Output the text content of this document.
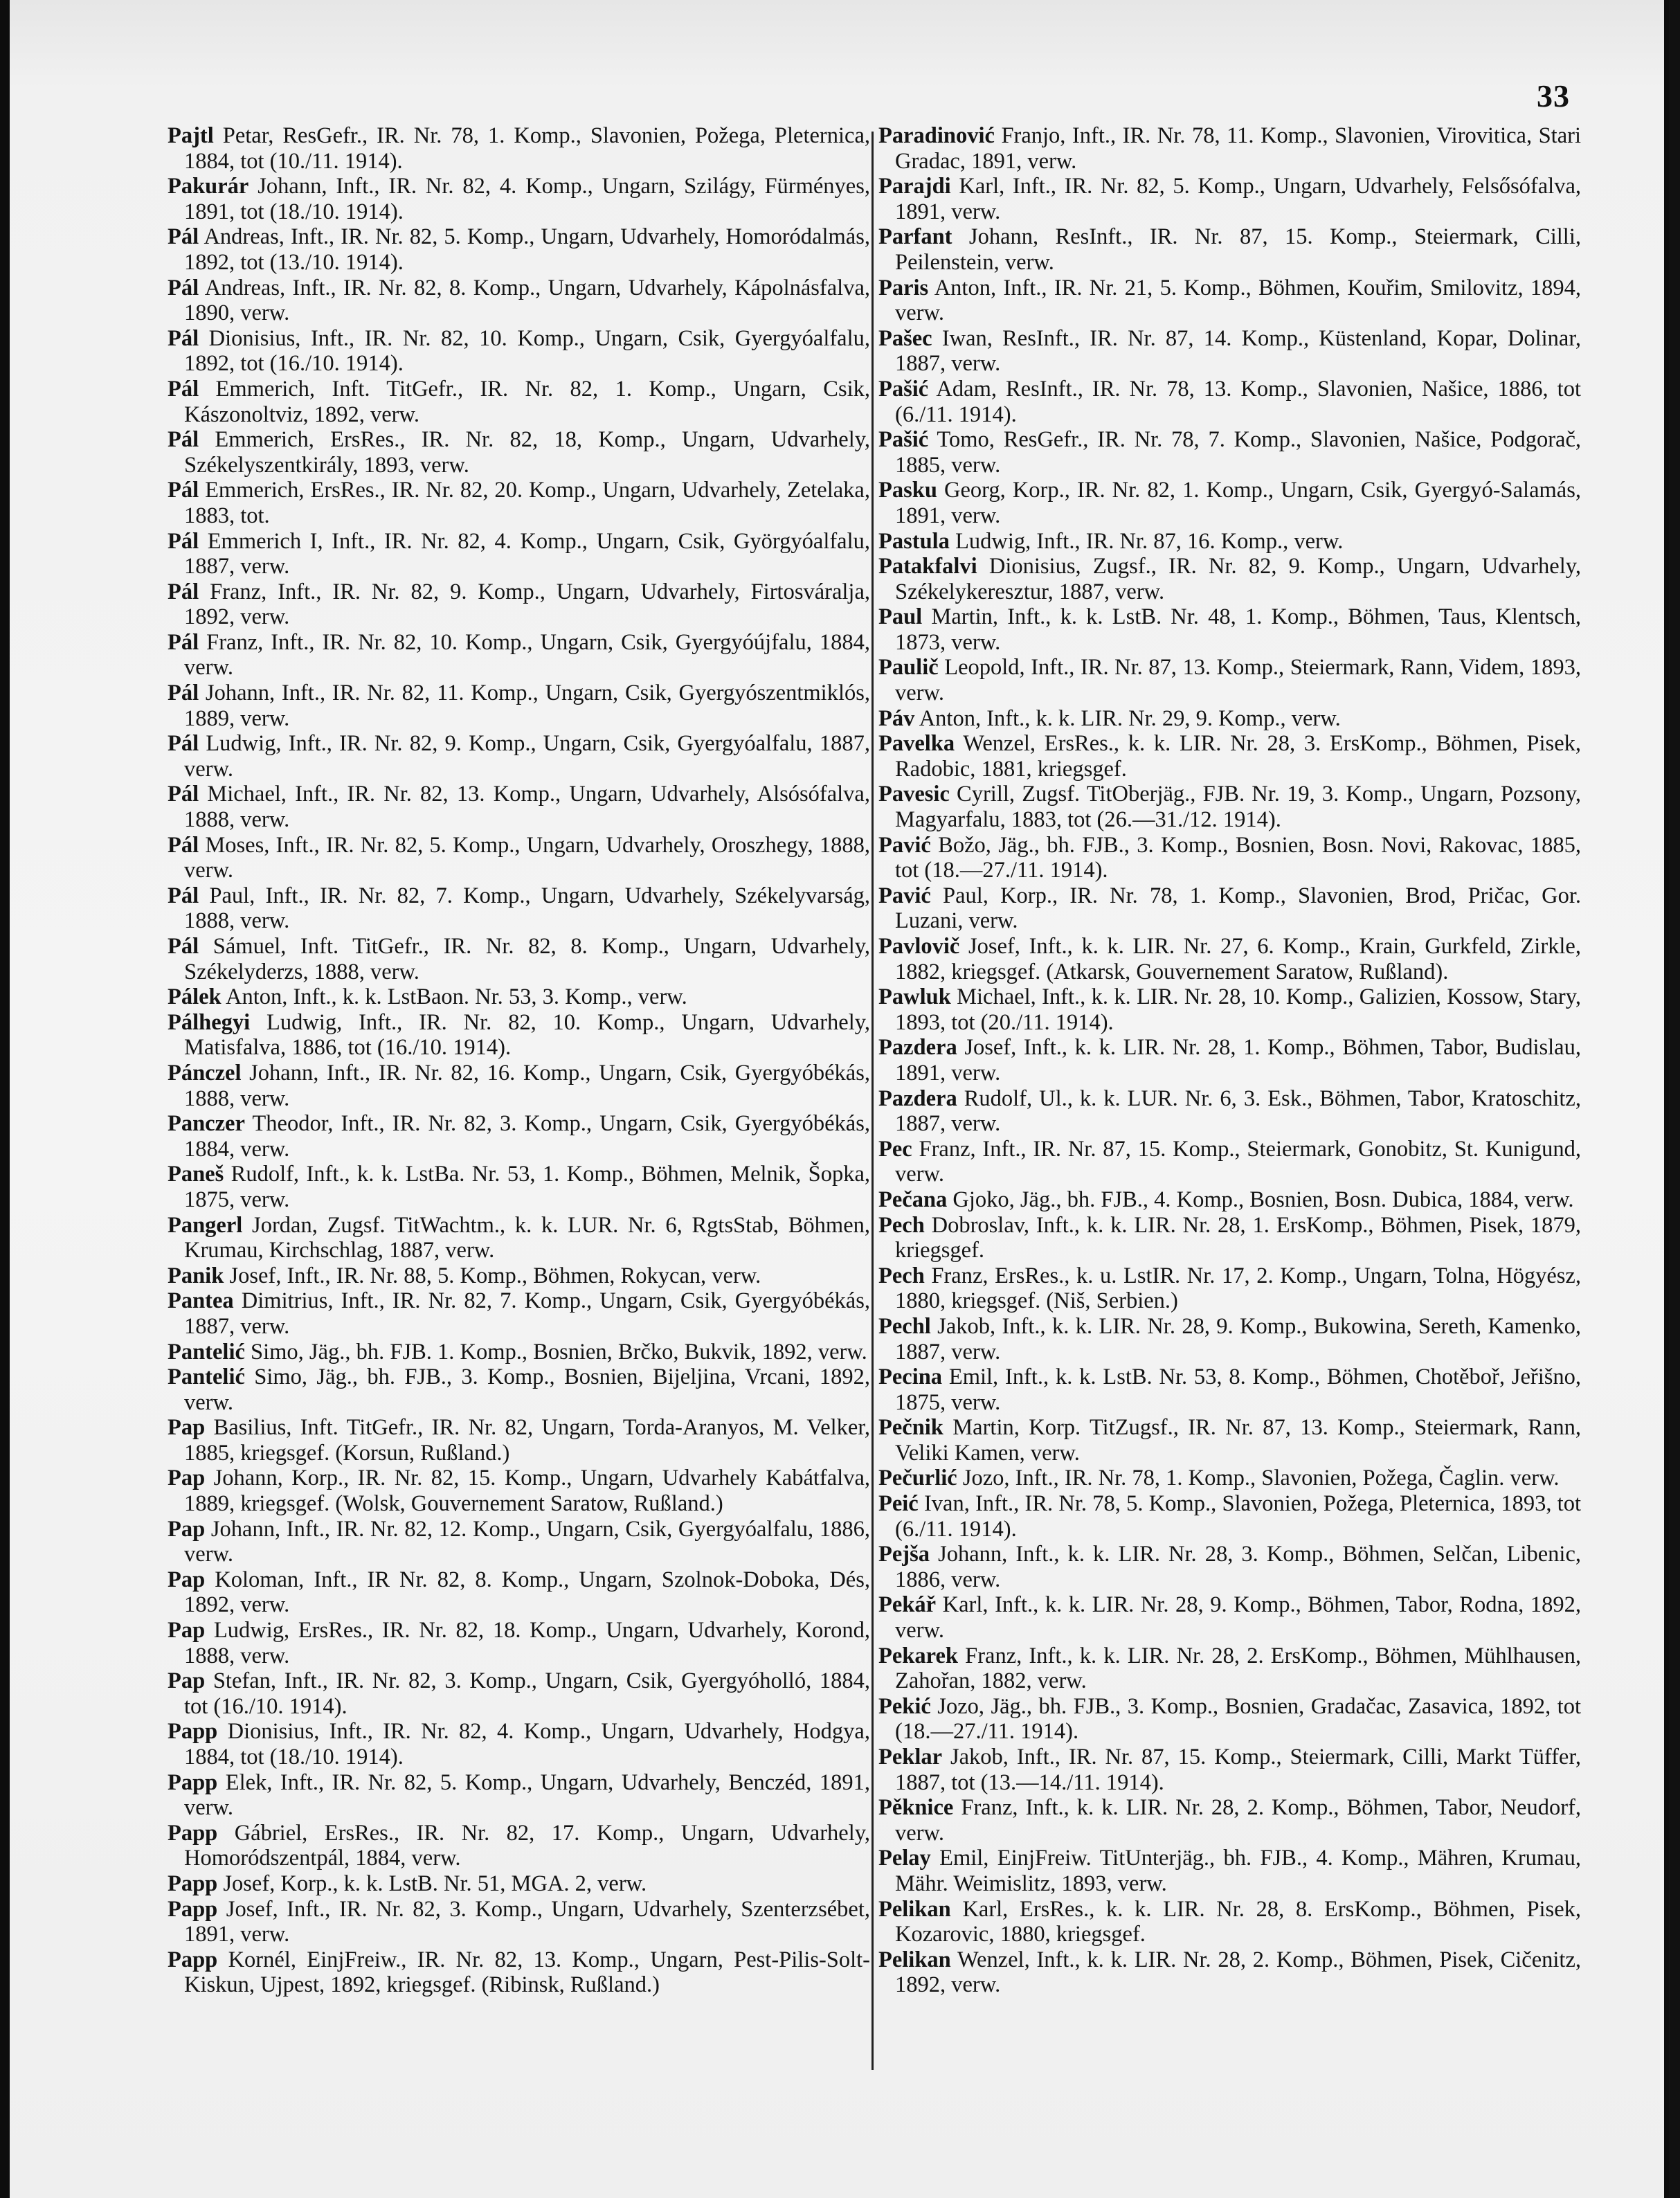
33

Pajtl Petar, ResGefr., IR. Nr. 78, 1. Komp., Slavonien, Požega, Pleternica, 1884, tot (10./11. 1914).

Pakurár Johann, Inft., IR. Nr. 82, 4. Komp., Ungarn, Szilágy, Fürményes, 1891, tot (18./10. 1914).

Pál Andreas, Inft., IR. Nr. 82, 5. Komp., Ungarn, Udvarhely, Homoródalmás, 1892, tot (13./10. 1914).

Pál Andreas, Inft., IR. Nr. 82, 8. Komp., Ungarn, Udvarhely, Kápolnásfalva, 1890, verw.

Pál Dionisius, Inft., IR. Nr. 82, 10. Komp., Ungarn, Csik, Gyergyóalfalu, 1892, tot (16./10. 1914).

Pál Emmerich, Inft. TitGefr., IR. Nr. 82, 1. Komp., Ungarn, Csik, Kászonoltviz, 1892, verw.

Pál Emmerich, ErsRes., IR. Nr. 82, 18, Komp., Ungarn, Udvarhely, Székelyszentkirály, 1893, verw.

Pál Emmerich, ErsRes., IR. Nr. 82, 20. Komp., Ungarn, Udvarhely, Zetelaka, 1883, tot.

Pál Emmerich I, Inft., IR. Nr. 82, 4. Komp., Ungarn, Csik, Györgyóalfalu, 1887, verw.

Pál Franz, Inft., IR. Nr. 82, 9. Komp., Ungarn, Udvarhely, Firtosváralja, 1892, verw.

Pál Franz, Inft., IR. Nr. 82, 10. Komp., Ungarn, Csik, Gyergyóújfalu, 1884, verw.

Pál Johann, Inft., IR. Nr. 82, 11. Komp., Ungarn, Csik, Gyergyószentmiklós, 1889, verw.

Pál Ludwig, Inft., IR. Nr. 82, 9. Komp., Ungarn, Csik, Gyergyóalfalu, 1887, verw.

Pál Michael, Inft., IR. Nr. 82, 13. Komp., Ungarn, Udvarhely, Alsósófalva, 1888, verw.

Pál Moses, Inft., IR. Nr. 82, 5. Komp., Ungarn, Udvarhely, Oroszhegy, 1888, verw.

Pál Paul, Inft., IR. Nr. 82, 7. Komp., Ungarn, Udvarhely, Székelyvarság, 1888, verw.

Pál Sámuel, Inft. TitGefr., IR. Nr. 82, 8. Komp., Ungarn, Udvarhely, Székelyderzs, 1888, verw.

Pálek Anton, Inft., k. k. LstBaon. Nr. 53, 3. Komp., verw.

Pálhegyi Ludwig, Inft., IR. Nr. 82, 10. Komp., Ungarn, Udvarhely, Matisfalva, 1886, tot (16./10. 1914).

Pánczel Johann, Inft., IR. Nr. 82, 16. Komp., Ungarn, Csik, Gyergyóbékás, 1888, verw.

Panczer Theodor, Inft., IR. Nr. 82, 3. Komp., Ungarn, Csik, Gyergyóbékás, 1884, verw.

Paneš Rudolf, Inft., k. k. LstBa. Nr. 53, 1. Komp., Böhmen, Melnik, Šopka, 1875, verw.

Pangerl Jordan, Zugsf. TitWachtm., k. k. LUR. Nr. 6, RgtsStab, Böhmen, Krumau, Kirchschlag, 1887, verw.

Panik Josef, Inft., IR. Nr. 88, 5. Komp., Böhmen, Rokycan, verw.

Pantea Dimitrius, Inft., IR. Nr. 82, 7. Komp., Ungarn, Csik, Gyergyóbékás, 1887, verw.

Pantelić Simo, Jäg., bh. FJB. 1. Komp., Bosnien, Brčko, Bukvik, 1892, verw.

Pantelić Simo, Jäg., bh. FJB., 3. Komp., Bosnien, Bijeljina, Vrcani, 1892, verw.

Pap Basilius, Inft. TitGefr., IR. Nr. 82, Ungarn, Torda-Aranyos, M. Velker, 1885, kriegsgef. (Korsun, Rußland.)

Pap Johann, Korp., IR. Nr. 82, 15. Komp., Ungarn, Udvarhely Kabátfalva, 1889, kriegsgef. (Wolsk, Gouvernement Saratow, Rußland.)

Pap Johann, Inft., IR. Nr. 82, 12. Komp., Ungarn, Csik, Gyergyóalfalu, 1886, verw.

Pap Koloman, Inft., IR Nr. 82, 8. Komp., Ungarn, Szolnok-Doboka, Dés, 1892, verw.

Pap Ludwig, ErsRes., IR. Nr. 82, 18. Komp., Ungarn, Udvarhely, Korond, 1888, verw.

Pap Stefan, Inft., IR. Nr. 82, 3. Komp., Ungarn, Csik, Gyergyóholló, 1884, tot (16./10. 1914).

Papp Dionisius, Inft., IR. Nr. 82, 4. Komp., Ungarn, Udvarhely, Hodgya, 1884, tot (18./10. 1914).

Papp Elek, Inft., IR. Nr. 82, 5. Komp., Ungarn, Udvarhely, Benczéd, 1891, verw.

Papp Gábriel, ErsRes., IR. Nr. 82, 17. Komp., Ungarn, Udvarhely, Homoródszentpál, 1884, verw.

Papp Josef, Korp., k. k. LstB. Nr. 51, MGA. 2, verw.

Papp Josef, Inft., IR. Nr. 82, 3. Komp., Ungarn, Udvarhely, Szenterzsébet, 1891, verw.

Papp Kornél, EinjFreiw., IR. Nr. 82, 13. Komp., Ungarn, Pest-Pilis-Solt-Kiskun, Ujpest, 1892, kriegsgef. (Ribinsk, Rußland.)

Paradinović Franjo, Inft., IR. Nr. 78, 11. Komp., Slavonien, Virovitica, Stari Gradac, 1891, verw.

Parajdi Karl, Inft., IR. Nr. 82, 5. Komp., Ungarn, Udvarhely, Felsősófalva, 1891, verw.

Parfant Johann, ResInft., IR. Nr. 87, 15. Komp., Steiermark, Cilli, Peilenstein, verw.

Paris Anton, Inft., IR. Nr. 21, 5. Komp., Böhmen, Kouřim, Smilovitz, 1894, verw.

Pašec Iwan, ResInft., IR. Nr. 87, 14. Komp., Küstenland, Kopar, Dolinar, 1887, verw.

Pašić Adam, ResInft., IR. Nr. 78, 13. Komp., Slavonien, Našice, 1886, tot (6./11. 1914).

Pašić Tomo, ResGefr., IR. Nr. 78, 7. Komp., Slavonien, Našice, Podgorač, 1885, verw.

Pasku Georg, Korp., IR. Nr. 82, 1. Komp., Ungarn, Csik, Gyergyó-Salamás, 1891, verw.

Pastula Ludwig, Inft., IR. Nr. 87, 16. Komp., verw.

Patakfalvi Dionisius, Zugsf., IR. Nr. 82, 9. Komp., Ungarn, Udvarhely, Székelykeresztur, 1887, verw.

Paul Martin, Inft., k. k. LstB. Nr. 48, 1. Komp., Böhmen, Taus, Klentsch, 1873, verw.

Paulič Leopold, Inft., IR. Nr. 87, 13. Komp., Steiermark, Rann, Videm, 1893, verw.

Páv Anton, Inft., k. k. LIR. Nr. 29, 9. Komp., verw.

Pavelka Wenzel, ErsRes., k. k. LIR. Nr. 28, 3. ErsKomp., Böhmen, Pisek, Radobic, 1881, kriegsgef.

Pavesic Cyrill, Zugsf. TitOberjäg., FJB. Nr. 19, 3. Komp., Ungarn, Pozsony, Magyarfalu, 1883, tot (26.—31./12. 1914).

Pavić Božo, Jäg., bh. FJB., 3. Komp., Bosnien, Bosn. Novi, Rakovac, 1885, tot (18.—27./11. 1914).

Pavić Paul, Korp., IR. Nr. 78, 1. Komp., Slavonien, Brod, Pričac, Gor. Luzani, verw.

Pavlovič Josef, Inft., k. k. LIR. Nr. 27, 6. Komp., Krain, Gurkfeld, Zirkle, 1882, kriegsgef. (Atkarsk, Gouvernement Saratow, Rußland).

Pawluk Michael, Inft., k. k. LIR. Nr. 28, 10. Komp., Galizien, Kossow, Stary, 1893, tot (20./11. 1914).

Pazdera Josef, Inft., k. k. LIR. Nr. 28, 1. Komp., Böhmen, Tabor, Budislau, 1891, verw.

Pazdera Rudolf, Ul., k. k. LUR. Nr. 6, 3. Esk., Böhmen, Tabor, Kratoschitz, 1887, verw.

Pec Franz, Inft., IR. Nr. 87, 15. Komp., Steiermark, Gonobitz, St. Kunigund, verw.

Pečana Gjoko, Jäg., bh. FJB., 4. Komp., Bosnien, Bosn. Dubica, 1884, verw.

Pech Dobroslav, Inft., k. k. LIR. Nr. 28, 1. ErsKomp., Böhmen, Pisek, 1879, kriegsgef.

Pech Franz, ErsRes., k. u. LstIR. Nr. 17, 2. Komp., Ungarn, Tolna, Högyész, 1880, kriegsgef. (Niš, Serbien.)

Pechl Jakob, Inft., k. k. LIR. Nr. 28, 9. Komp., Bukowina, Sereth, Kamenko, 1887, verw.

Pecina Emil, Inft., k. k. LstB. Nr. 53, 8. Komp., Böhmen, Chotěboř, Jeřišno, 1875, verw.

Pečnik Martin, Korp. TitZugsf., IR. Nr. 87, 13. Komp., Steiermark, Rann, Veliki Kamen, verw.

Pečurlić Jozo, Inft., IR. Nr. 78, 1. Komp., Slavonien, Požega, Čaglin. verw.

Peić Ivan, Inft., IR. Nr. 78, 5. Komp., Slavonien, Požega, Pleternica, 1893, tot (6./11. 1914).

Pejša Johann, Inft., k. k. LIR. Nr. 28, 3. Komp., Böhmen, Selčan, Libenic, 1886, verw.

Pekář Karl, Inft., k. k. LIR. Nr. 28, 9. Komp., Böhmen, Tabor, Rodna, 1892, verw.

Pekarek Franz, Inft., k. k. LIR. Nr. 28, 2. ErsKomp., Böhmen, Mühlhausen, Zahořan, 1882, verw.

Pekić Jozo, Jäg., bh. FJB., 3. Komp., Bosnien, Gradačac, Zasavica, 1892, tot (18.—27./11. 1914).

Peklar Jakob, Inft., IR. Nr. 87, 15. Komp., Steiermark, Cilli, Markt Tüffer, 1887, tot (13.—14./11. 1914).

Pěknice Franz, Inft., k. k. LIR. Nr. 28, 2. Komp., Böhmen, Tabor, Neudorf, verw.

Pelay Emil, EinjFreiw. TitUnterjäg., bh. FJB., 4. Komp., Mähren, Krumau, Mähr. Weimislitz, 1893, verw.

Pelikan Karl, ErsRes., k. k. LIR. Nr. 28, 8. ErsKomp., Böhmen, Pisek, Kozarovic, 1880, kriegsgef.

Pelikan Wenzel, Inft., k. k. LIR. Nr. 28, 2. Komp., Böhmen, Pisek, Cičenitz, 1892, verw.
